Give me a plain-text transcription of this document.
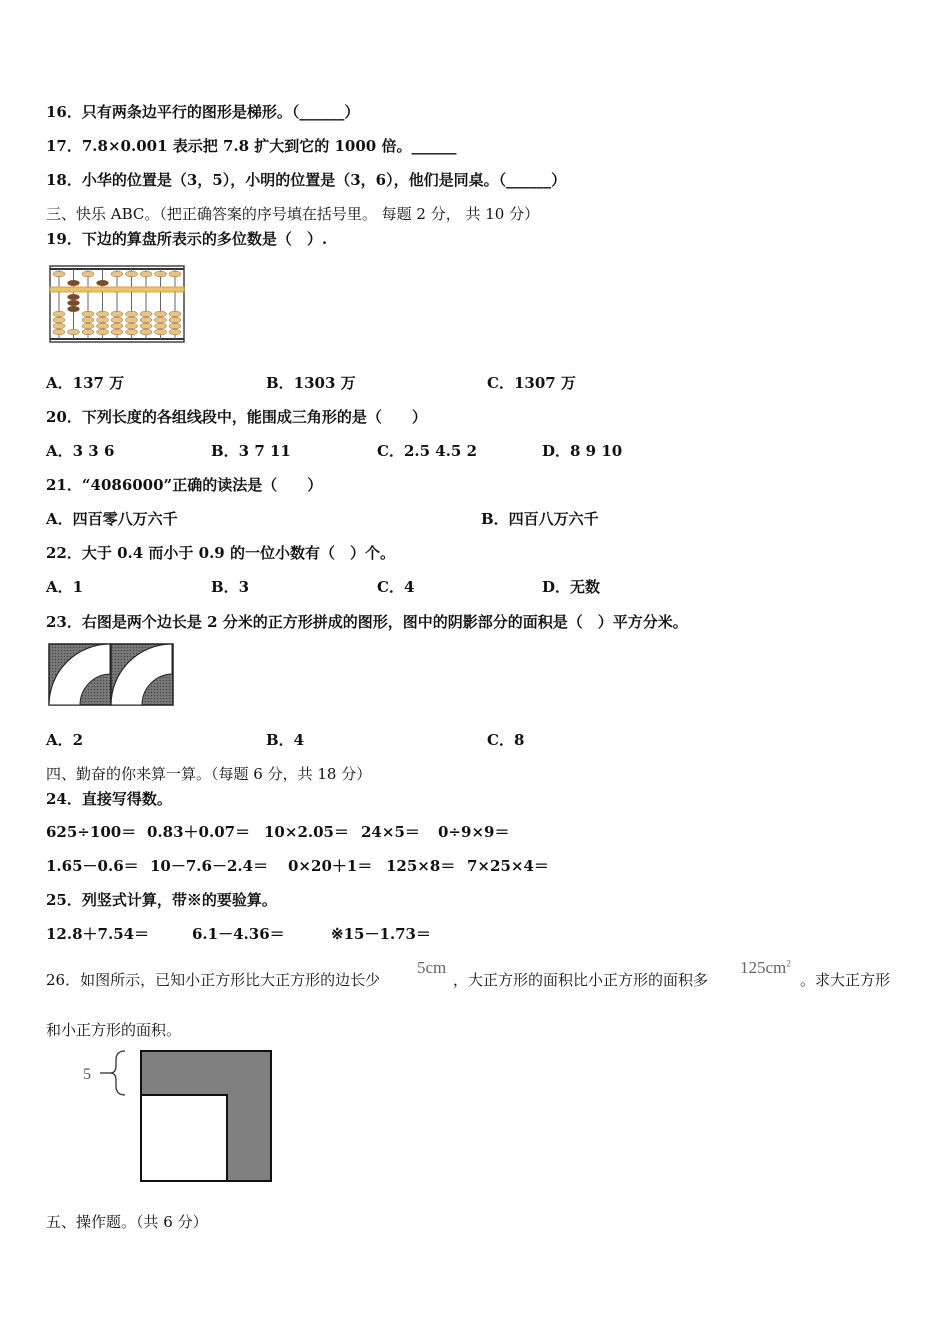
16．只有两条边平行的图形是梯形。（______）
17．7.8×0.001 表示把 7.8 扩大到它的 1000 倍。______
18．小华的位置是（3，5），小明的位置是（3，6），他们是同桌。（______）
三、快乐 ABC。（把正确答案的序号填在括号里。 每题 2 分， 共 10 分）
19．下边的算盘所表示的多位数是（　）.
A．137 万	B．1303 万	C．1307 万
20．下列长度的各组线段中，能围成三角形的是（　　）
A．3 3 6	B．3 7 11	C．2.5 4.5 2	D．8 9 10
21．“4086000”正确的读法是（　　）
A．四百零八万六千	B．四百八万六千
22．大于 0.4 而小于 0.9 的一位小数有（　）个。
A．1	B．3	C．4	D．无数
23．右图是两个边长是 2 分米的正方形拼成的图形，图中的阴影部分的面积是（　）平方分米。
A．2	B．4	C．8
四、勤奋的你来算一算。（每题 6 分，共 18 分）
24．直接写得数。
625÷100＝ 0.83＋0.07＝ 10×2.05＝ 24×5＝ 0÷9×9＝
1.65－0.6＝ 10－7.6－2.4＝ 0×20＋1＝ 125×8＝ 7×25×4＝
25．列竖式计算，带※的要验算。
12.8＋7.54＝	6.1－4.36＝	※15－1.73＝
26．如图所示，已知小正方形比大正方形的边长少
5cm
，大正方形的面积比小正方形的面积多
$125cm^2$
。求大正方形
和小正方形的面积。
5
五、操作题。（共 6 分）
